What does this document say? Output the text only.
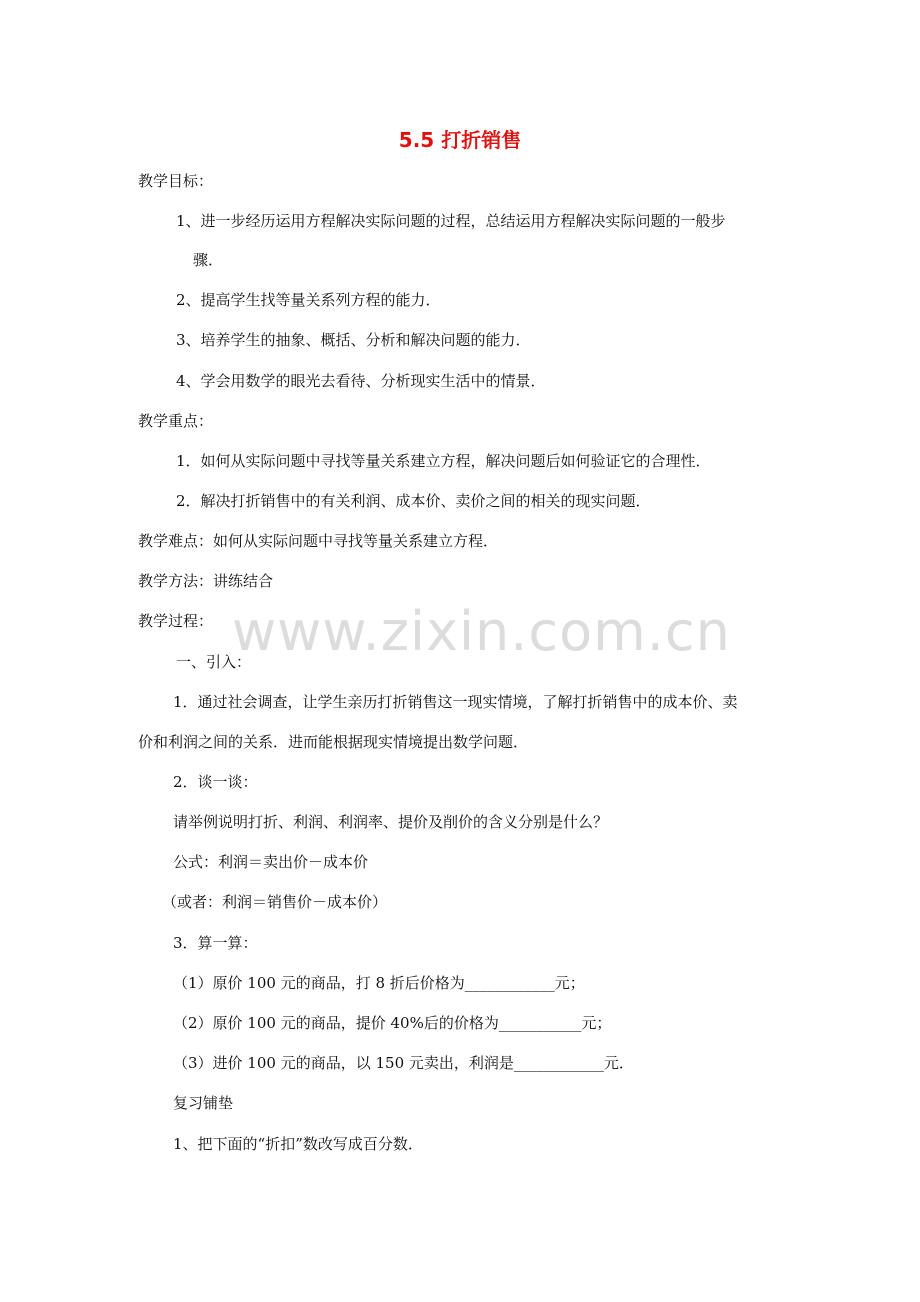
www.zixin.com.cn
5.5 打折销售
教学目标：
1、进一步经历运用方程解决实际问题的过程，总结运用方程解决实际问题的一般步
骤．
2、提高学生找等量关系列方程的能力．
3、培养学生的抽象、概括、分析和解决问题的能力．
4、学会用数学的眼光去看待、分析现实生活中的情景．
教学重点：
1．如何从实际问题中寻找等量关系建立方程，解决问题后如何验证它的合理性．
2．解决打折销售中的有关利润、成本价、卖价之间的相关的现实问题．
教学难点：如何从实际问题中寻找等量关系建立方程．
教学方法：讲练结合
教学过程：
一、引入：
1．通过社会调查，让学生亲历打折销售这一现实情境，了解打折销售中的成本价、卖
价和利润之间的关系．进而能根据现实情境提出数学问题．
2．谈一谈：
请举例说明打折、利润、利润率、提价及削价的含义分别是什么？
公式：利润＝卖出价－成本价
（或者：利润＝销售价－成本价）
3．算一算：
（1）原价 100 元的商品，打 8 折后价格为____________元；
（2）原价 100 元的商品，提价 40%后的价格为___________元；
（3）进价 100 元的商品，以 150 元卖出，利润是____________元．
复习铺垫
1、把下面的“折扣”数改写成百分数．
